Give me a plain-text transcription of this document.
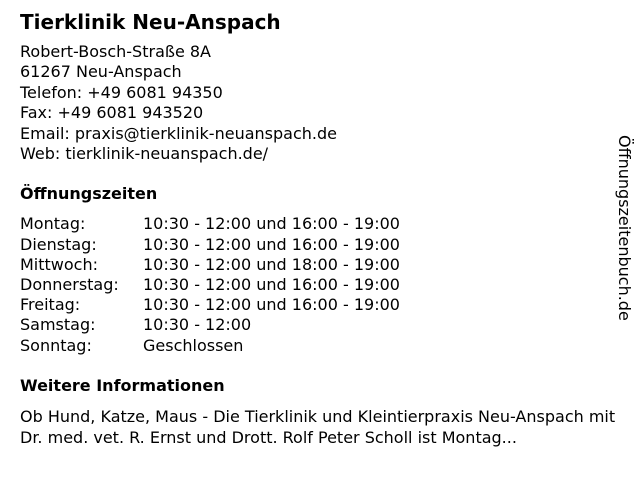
Tierklinik Neu-Anspach
Robert-Bosch-Straße 8A
61267 Neu-Anspach
Telefon: +49 6081 94350
Fax: +49 6081 943520
Email: praxis@tierklinik-neuanspach.de
Web: tierklinik-neuanspach.de/
Öffnungszeiten
Montag:	10:30 - 12:00 und 16:00 - 19:00
Dienstag:	10:30 - 12:00 und 16:00 - 19:00
Mittwoch:	10:30 - 12:00 und 18:00 - 19:00
Donnerstag:	10:30 - 12:00 und 16:00 - 19:00
Freitag:	10:30 - 12:00 und 16:00 - 19:00
Samstag:	10:30 - 12:00
Sonntag:	Geschlossen
Weitere Informationen
Ob Hund, Katze, Maus - Die Tierklinik und Kleintierpraxis Neu-Anspach mit Dr. med. vet. R. Ernst und Drott. Rolf Peter Scholl ist Montag...
Öffnungszeitenbuch.de
